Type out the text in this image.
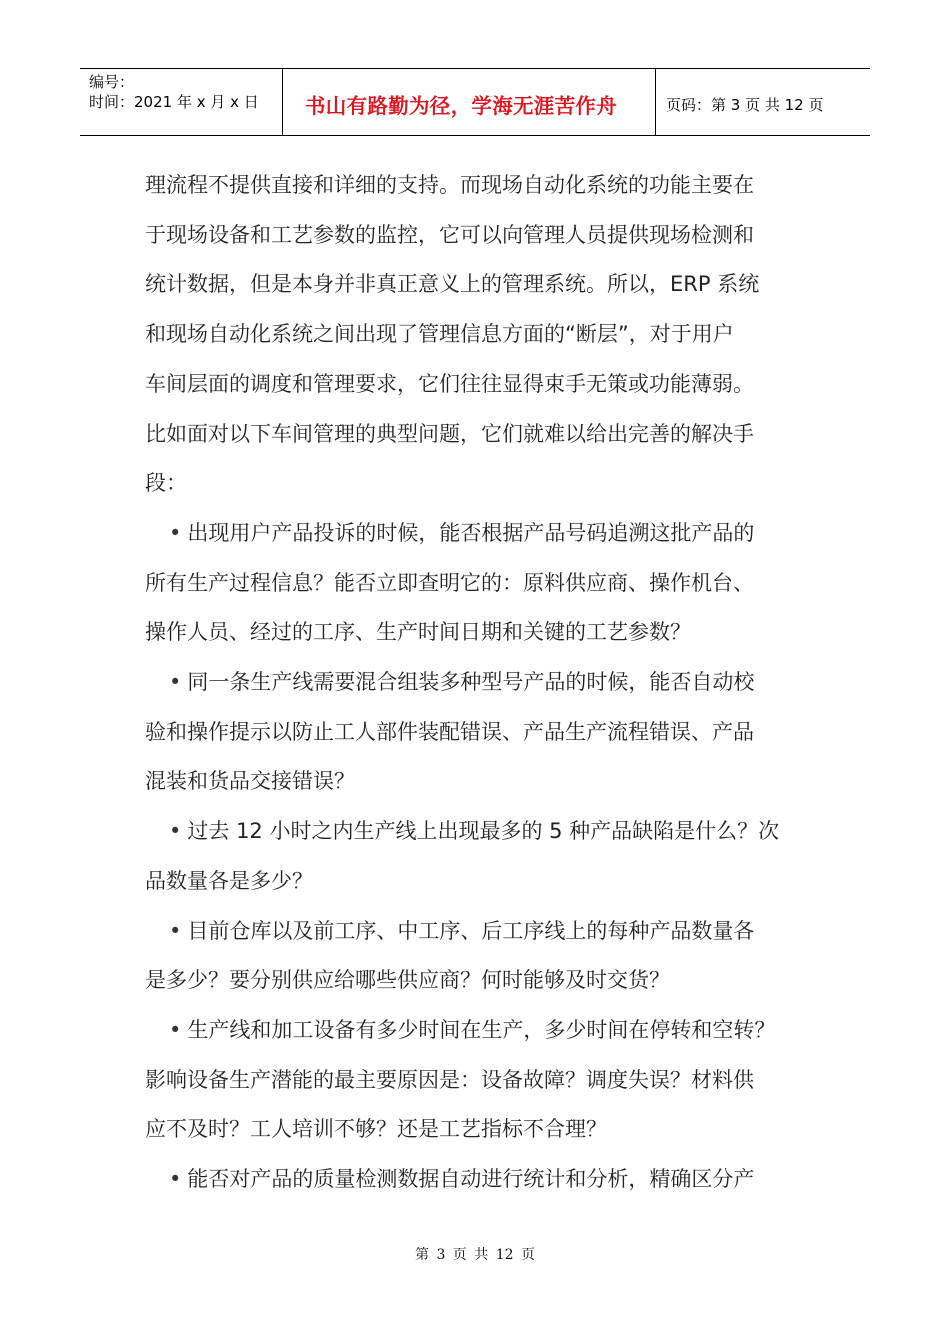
编号：
时间：2021 年 x 月 x 日	书山有路勤为径，学海无涯苦作舟	页码：第 3 页 共 12 页

理流程不提供直接和详细的支持。而现场自动化系统的功能主要在

于现场设备和工艺参数的监控，它可以向管理人员提供现场检测和

统计数据，但是本身并非真正意义上的管理系统。所以，ERP 系统

和现场自动化系统之间出现了管理信息方面的“断层”，对于用户

车间层面的调度和管理要求，它们往往显得束手无策或功能薄弱。

比如面对以下车间管理的典型问题，它们就难以给出完善的解决手

段：

• 出现用户产品投诉的时候，能否根据产品号码追溯这批产品的

所有生产过程信息？能否立即查明它的：原料供应商、操作机台、

操作人员、经过的工序、生产时间日期和关键的工艺参数？

• 同一条生产线需要混合组装多种型号产品的时候，能否自动校

验和操作提示以防止工人部件装配错误、产品生产流程错误、产品

混装和货品交接错误？

• 过去 12 小时之内生产线上出现最多的 5 种产品缺陷是什么？次

品数量各是多少？

• 目前仓库以及前工序、中工序、后工序线上的每种产品数量各

是多少？要分别供应给哪些供应商？何时能够及时交货？

• 生产线和加工设备有多少时间在生产，多少时间在停转和空转？

影响设备生产潜能的最主要原因是：设备故障？调度失误？材料供

应不及时？工人培训不够？还是工艺指标不合理？

• 能否对产品的质量检测数据自动进行统计和分析，精确区分产

第 3 页 共 12 页
